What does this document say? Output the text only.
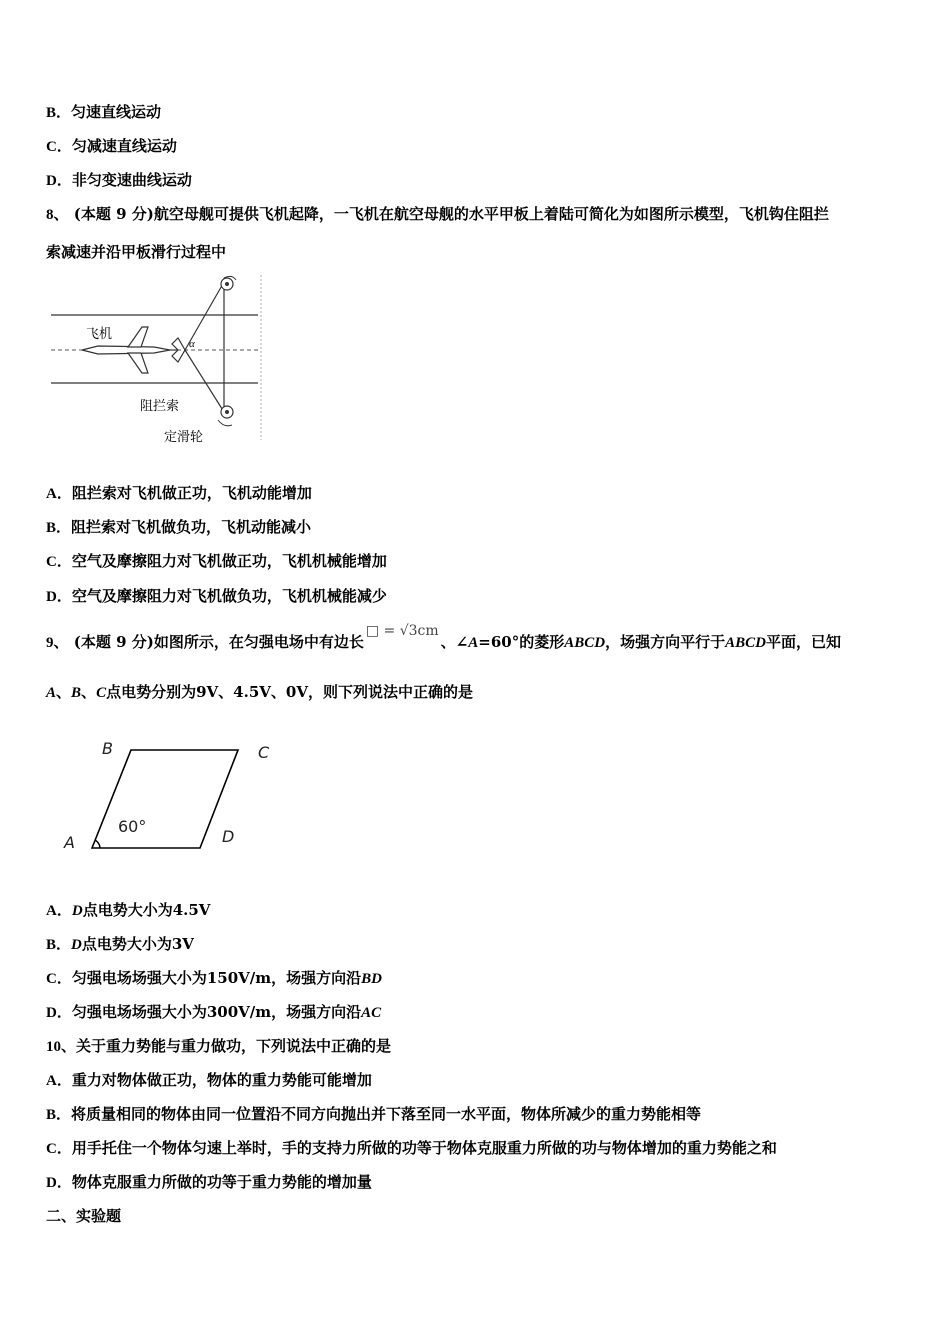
B．匀速直线运动
C．匀减速直线运动
D．非匀变速曲线运动
8、 (本题 9 分)航空母舰可提供飞机起降，一飞机在航空母舰的水平甲板上着陆可简化为如图所示模型，飞机钩住阻拦
索减速并沿甲板滑行过程中
飞机
α
阻拦索
定滑轮
A．阻拦索对飞机做正功，飞机动能增加
B．阻拦索对飞机做负功，飞机动能减小
C．空气及摩擦阻力对飞机做正功，飞机机械能增加
D．空气及摩擦阻力对飞机做负功，飞机机械能减少
9、 (本题 9 分)如图所示，在匀强电场中有边长□ = √3cm、∠A=60°的菱形ABCD，场强方向平行于ABCD平面，已知
A、B、C点电势分别为9V、4.5V、0V，则下列说法中正确的是
A
B	C
D
60°
A．D点电势大小为4.5V
B．D点电势大小为3V
C．匀强电场场强大小为150V/m，场强方向沿BD
D．匀强电场场强大小为300V/m，场强方向沿AC
10、关于重力势能与重力做功，下列说法中正确的是
A．重力对物体做正功，物体的重力势能可能增加
B．将质量相同的物体由同一位置沿不同方向抛出并下落至同一水平面，物体所减少的重力势能相等
C．用手托住一个物体匀速上举时，手的支持力所做的功等于物体克服重力所做的功与物体增加的重力势能之和
D．物体克服重力所做的功等于重力势能的增加量
二、实验题
